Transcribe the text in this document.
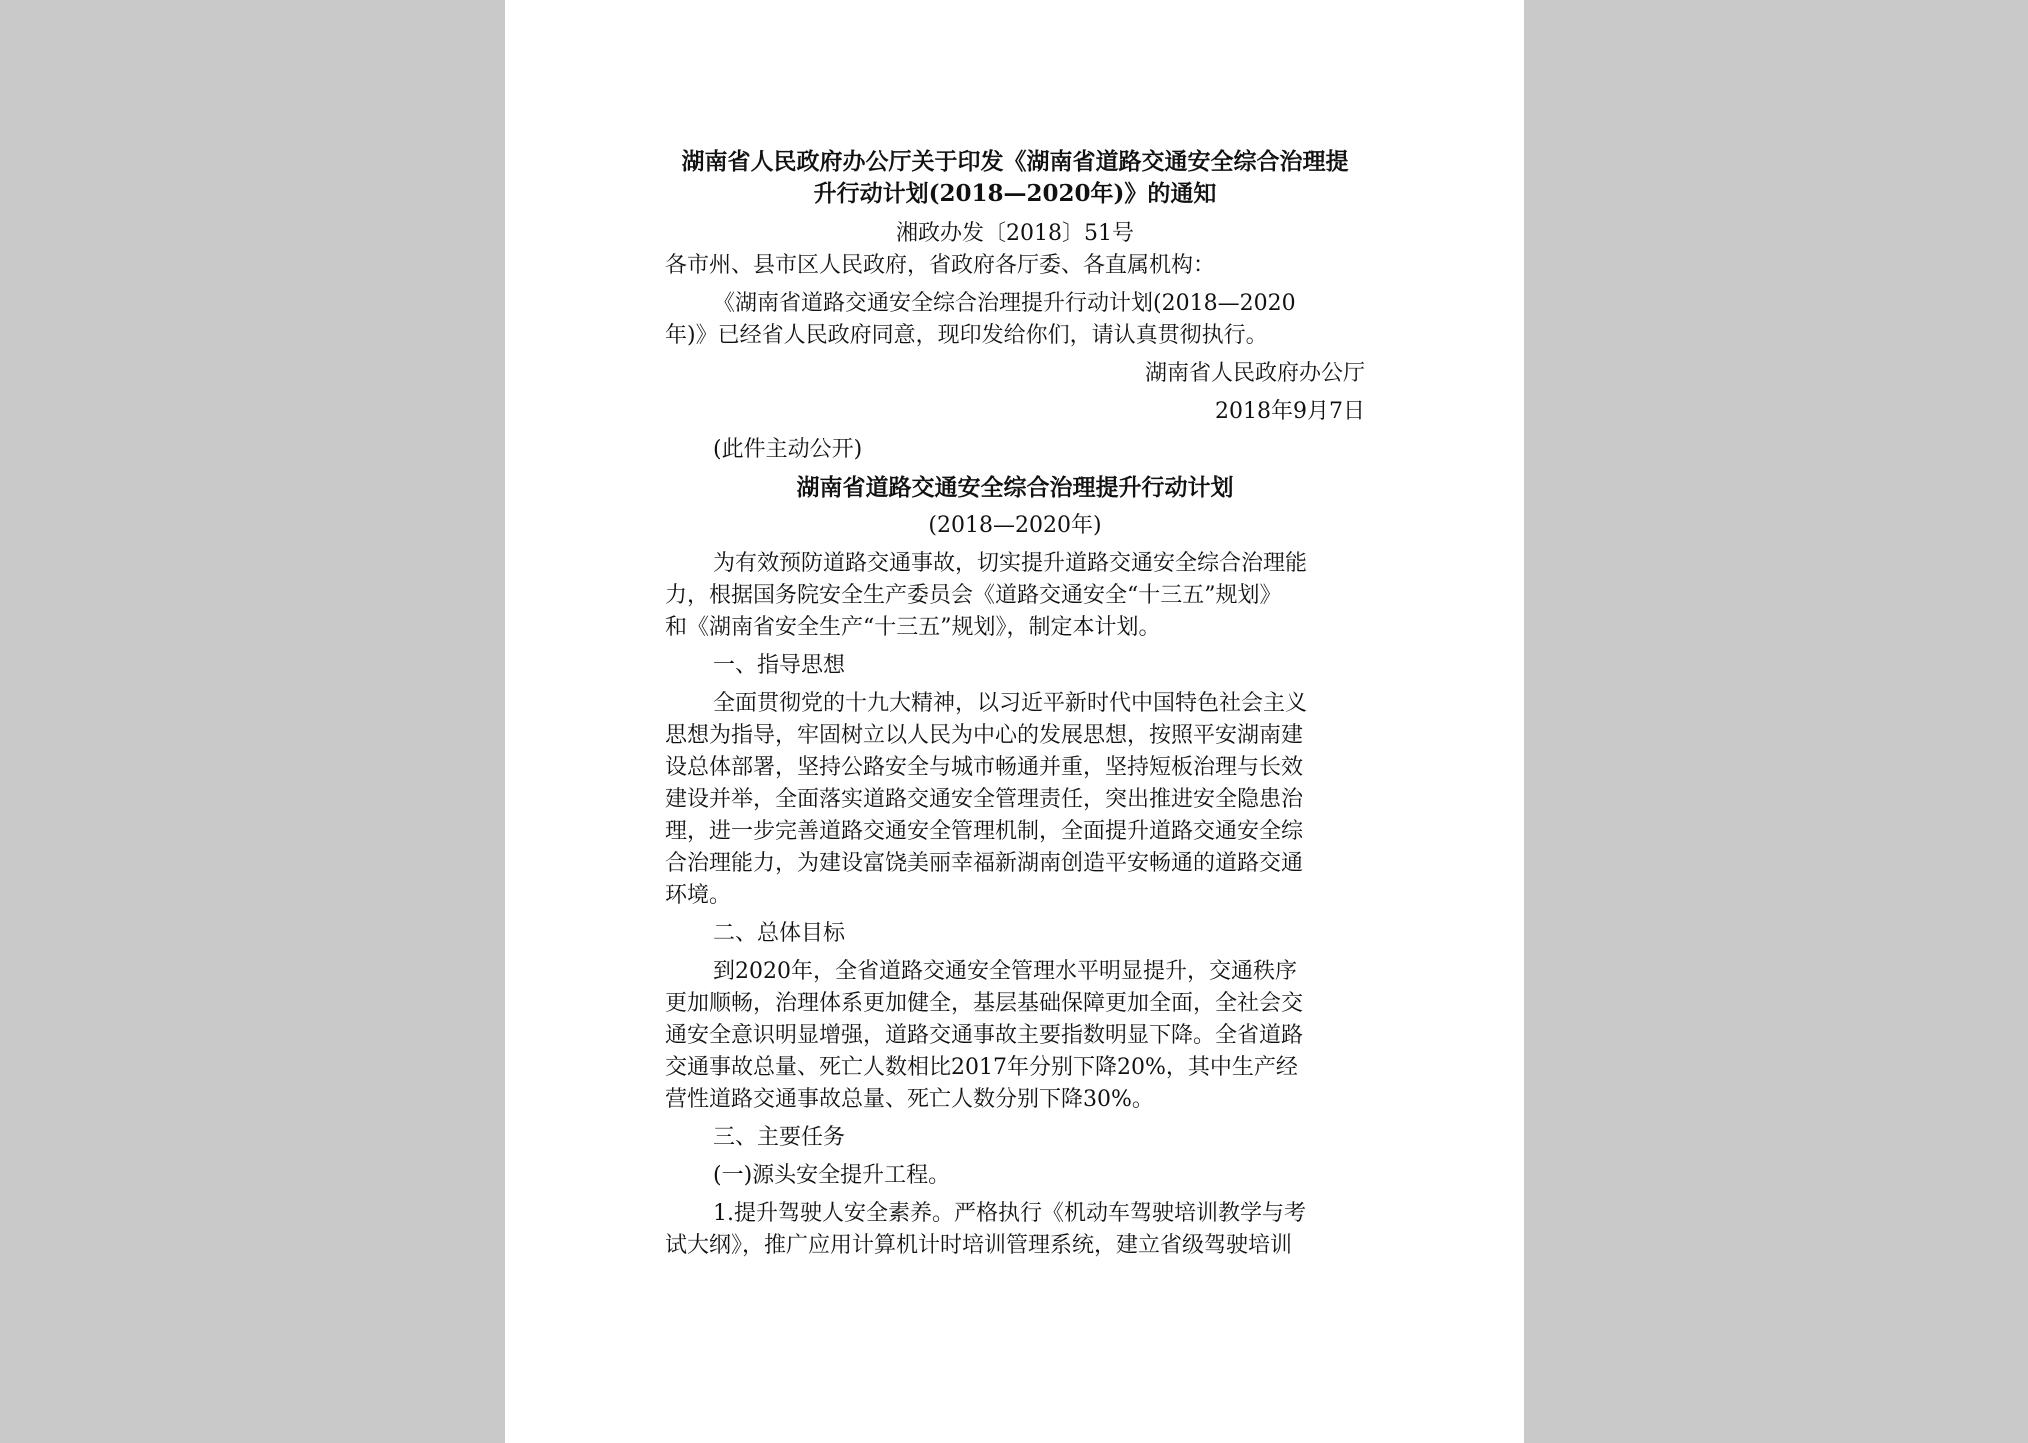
湖南省人民政府办公厅关于印发《湖南省道路交通安全综合治理提
升行动计划(2018—2020年)》的通知
湘政办发〔2018〕51号
各市州、县市区人民政府，省政府各厅委、各直属机构：
《湖南省道路交通安全综合治理提升行动计划(2018—2020
年)》已经省人民政府同意，现印发给你们，请认真贯彻执行。
湖南省人民政府办公厅
2018年9月7日
(此件主动公开)
湖南省道路交通安全综合治理提升行动计划
(2018—2020年)
为有效预防道路交通事故，切实提升道路交通安全综合治理能
力，根据国务院安全生产委员会《道路交通安全“十三五”规划》
和《湖南省安全生产“十三五”规划》，制定本计划。
一、指导思想
全面贯彻党的十九大精神，以习近平新时代中国特色社会主义
思想为指导，牢固树立以人民为中心的发展思想，按照平安湖南建
设总体部署，坚持公路安全与城市畅通并重，坚持短板治理与长效
建设并举，全面落实道路交通安全管理责任，突出推进安全隐患治
理，进一步完善道路交通安全管理机制，全面提升道路交通安全综
合治理能力，为建设富饶美丽幸福新湖南创造平安畅通的道路交通
环境。
二、总体目标
到2020年，全省道路交通安全管理水平明显提升，交通秩序
更加顺畅，治理体系更加健全，基层基础保障更加全面，全社会交
通安全意识明显增强，道路交通事故主要指数明显下降。全省道路
交通事故总量、死亡人数相比2017年分别下降20%，其中生产经
营性道路交通事故总量、死亡人数分别下降30%。
三、主要任务
(一)源头安全提升工程。
1.提升驾驶人安全素养。严格执行《机动车驾驶培训教学与考
试大纲》，推广应用计算机计时培训管理系统，建立省级驾驶培训
